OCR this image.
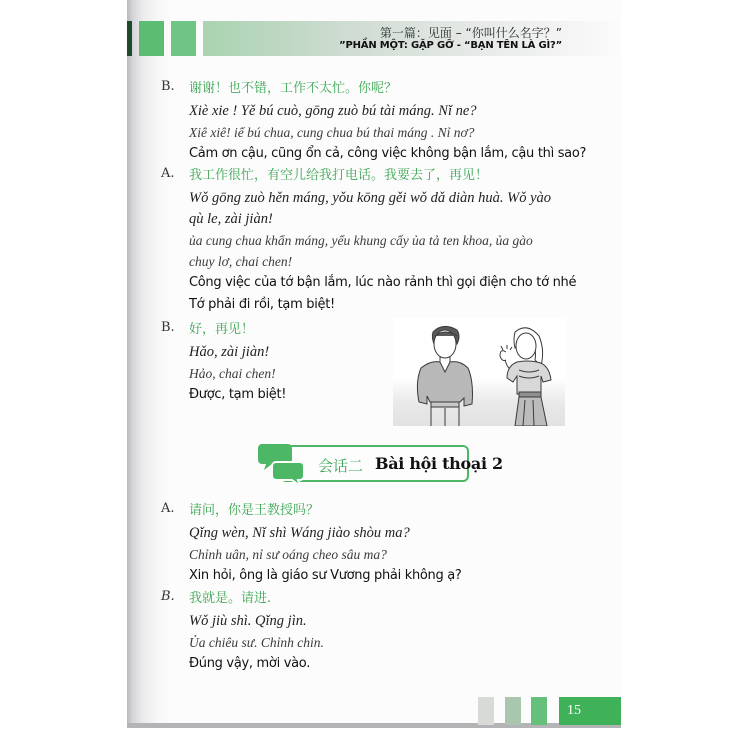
第一篇：见面 – “你叫什么名字？”
”PHẦN MỘT: GẶP GỠ - “BẠN TÊN LÀ GÌ?”
B. 谢谢！也不错，工作不太忙。你呢？
Xiè xie ! Yě bú cuò, gōng zuò bú tài máng. Nǐ ne?
Xiê xiê! iể bú chua, cung chua bú thai máng . Nỉ nơ?
Cảm ơn cậu, cũng ổn cả, công việc không bận lắm, cậu thì sao?
A. 我工作很忙，有空儿给我打电话。我要去了，再见！
Wǒ gōng zuò hěn máng, yǒu kōng gěi wǒ dǎ diàn huà. Wǒ yào
qù le, zài jiàn!
ủa cung chua khẩn máng, yểu khung cấy ủa tả ten khoa, ủa gào
chuy lơ, chai chen!
Công việc của tớ bận lắm, lúc nào rảnh thì gọi điện cho tớ nhé
Tớ phải đi rồi, tạm biệt!
B. 好，再见！
Hǎo, zài jiàn!
Hảo, chai chen!
Được, tạm biệt!
会话二 Bài hội thoại 2
A. 请问，你是王教授吗？
Qǐng wèn, Nǐ shì Wáng jiào shòu ma?
Chỉnh uân, nỉ sư oáng cheo sâu ma?
Xin hỏi, ông là giáo sư Vương phải không ạ?
B. 我就是。请进.
Wǒ jiù shì. Qǐng jìn.
Ủa chiêu sư. Chỉnh chin.
Đúng vậy, mời vào.
15
